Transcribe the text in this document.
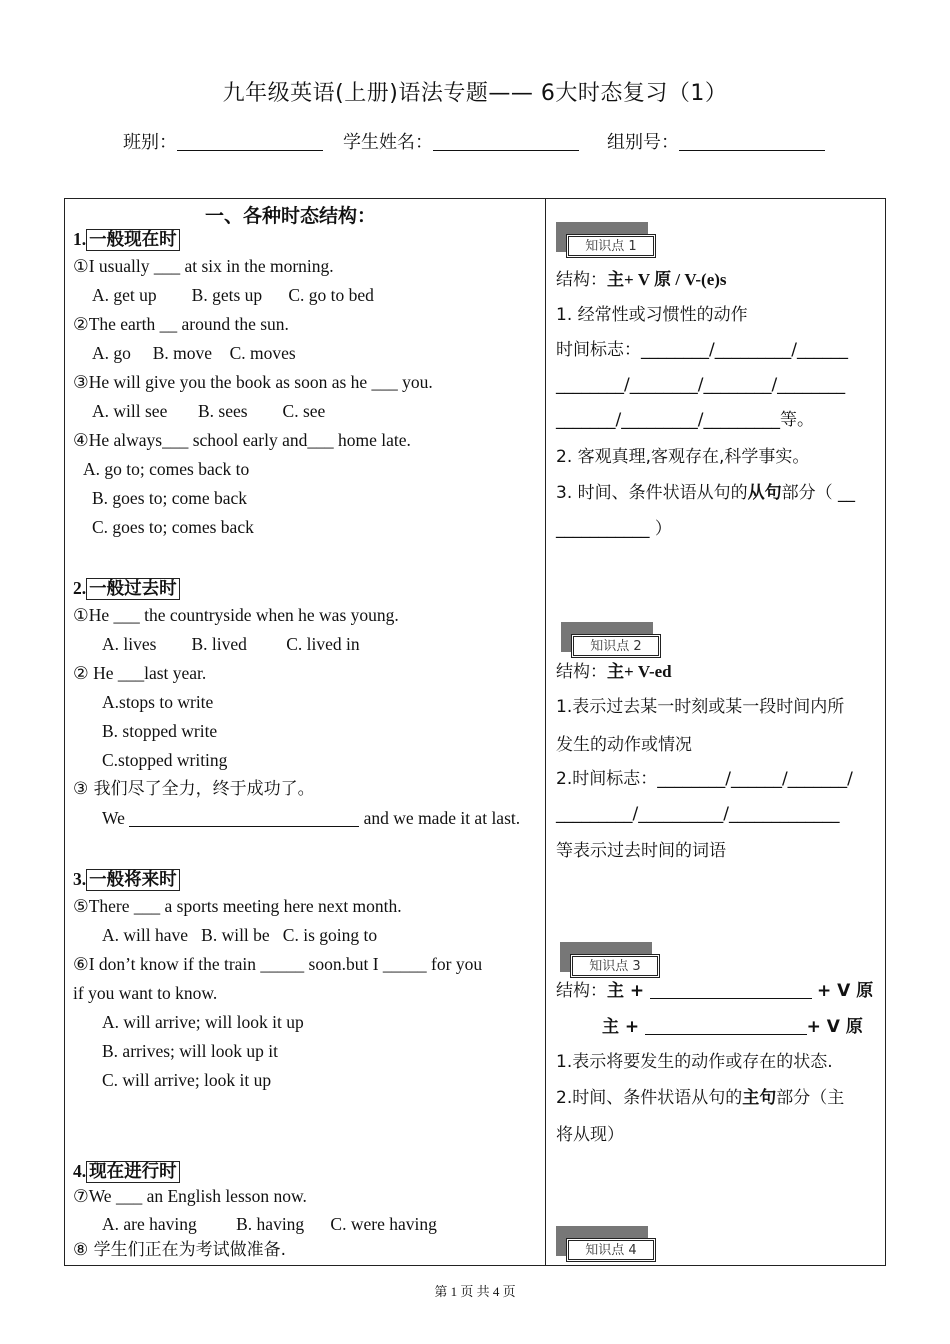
九年级英语(上册)语法专题—— 6大时态复习（1）
班别：	学生姓名：	组别号：
一、各种时态结构：
1. 一般现在时
①I usually ___ at six in the morning.
A. get up        B. gets up      C. go to bed
②The earth __ around the sun.
A. go     B. move    C. moves
③He will give you the book as soon as he ___ you.
A. will see       B. sees        C. see
④He always___ school early and___ home late.
A. go to; comes back to
B. goes to; come back
C. goes to; comes back
2. 一般过去时
①He ___ the countryside when he was young.
A. lives        B. lived         C. lived in
② He ___last year.
A.stops to write
B. stopped write
C.stopped writing
③ 我们尽了全力，终于成功了。
We	and we made it at last.
3. 一般将来时
⑤There ___ a sports meeting here next month.
A. will have   B. will be   C. is going to
⑥I don’t know if the train _____ soon.but I _____ for you
if you want to know.
A. will arrive; will look it up
B. arrives; will look up it
C. will arrive; look it up
4. 现在进行时
⑦We ___ an English lesson now.
A. are having         B. having      C. were having
⑧ 学生们正在为考试做准备.
知识点 1
结构：主+ V 原 / V-(e)s
1. 经常性或习惯性的动作
时间标志：________/_________/______
________/________/________/________
_______/_________/_________等。
2. 客观真理,客观存在,科学事实。
3. 时间、条件状语从句的从句部分（ __
___________ ）
知识点 2
结构：主+ V-ed
1.表示过去某一时刻或某一段时间内所
发生的动作或情况
2.时间标志：________/______/_______/
_________/__________/_____________
等表示过去时间的词语
知识点 3
结构：主 +	+ V 原
主 +	+ V 原
1.表示将要发生的动作或存在的状态.
2.时间、条件状语从句的主句部分（主
将从现）
知识点 4
第 1 页 共 4 页
